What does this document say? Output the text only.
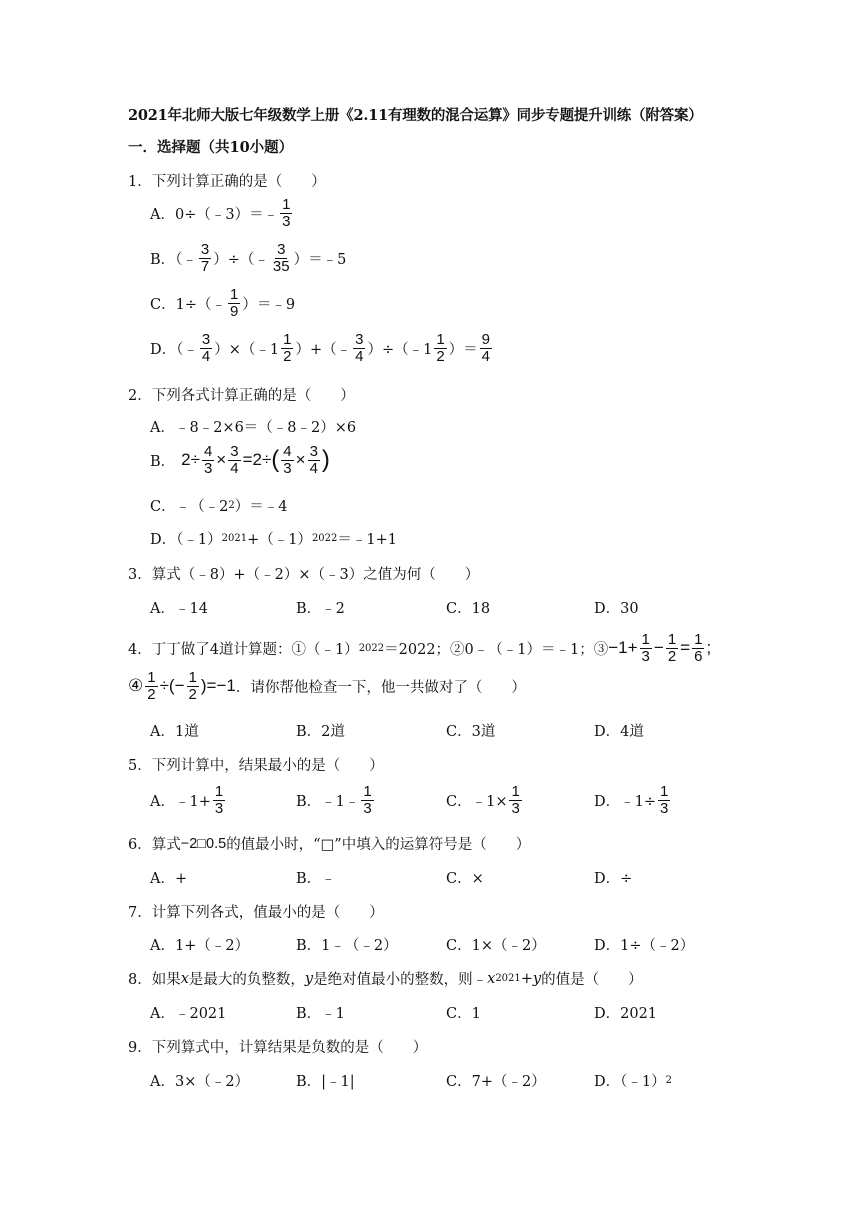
2021年北师大版七年级数学上册《2.11有理数的混合运算》同步专题提升训练（附答案）
一．选择题（共10小题）
1．下列计算正确的是（　　）
A．0÷（﹣3）＝﹣ $\frac{1}{3}$
B．（﹣ $\frac{3}{7}$ ）÷（﹣ $\frac{3}{35}$ ）＝﹣5
C．1÷（﹣ $\frac{1}{9}$ ）＝﹣9
D．（﹣ $\frac{3}{4}$ ）×（﹣1 $\frac{1}{2}$ ）+（﹣ $\frac{3}{4}$ ）÷（﹣1 $\frac{1}{2}$ ）＝ $\frac{9}{4}$
2．下列各式计算正确的是（　　）
A．﹣8﹣2×6＝（﹣8﹣2）×6
B． $2\div \frac{4}{3} \times \frac{3}{4} =2\div$ ( $\frac{4}{3} \times \frac{3}{4}$ )
C．﹣（﹣2 2 ）＝﹣4
D．（﹣1） 2021 +（﹣1） 2022 ＝﹣1+1
3．算式（﹣8）+（﹣2）×（﹣3）之值为何（　　）
A．﹣14	B．﹣2	C．18	D．30
4．丁丁做了4道计算题：①（﹣1） 2022 ＝2022；②0﹣（﹣1）＝﹣1；③ $-1+ \frac{1}{3} - \frac{1}{2} = \frac{1}{6}$ ;
④ $\frac{1}{2}$ ÷(− $\frac{1}{2} )=-1$ ．请你帮他检查一下，他一共做对了（　　）
A．1道	B．2道	C．3道	D．4道
5．下列计算中，结果最小的是（　　）
A．﹣1+ $\frac{1}{3}$	B．﹣1﹣ $\frac{1}{3}$	C．﹣1× $\frac{1}{3}$	D．﹣1÷ $\frac{1}{3}$
6．算式 −2□0.5 的值最小时，“□”中填入的运算符号是（　　）
A．+	B．﹣	C．×	D．÷
7．计算下列各式，值最小的是（　　）
A．1+（﹣2）	B．1﹣（﹣2）	C．1×（﹣2）	D．1÷（﹣2）
8．如果 x 是最大的负整数， y 是绝对值最小的整数，则﹣ x 2021 + y 的值是（　　）
A．﹣2021	B．﹣1	C．1	D．2021
9．下列算式中，计算结果是负数的是（　　）
A．3×（﹣2）	B．|﹣1|	C．7+（﹣2）	D．（﹣1） 2
